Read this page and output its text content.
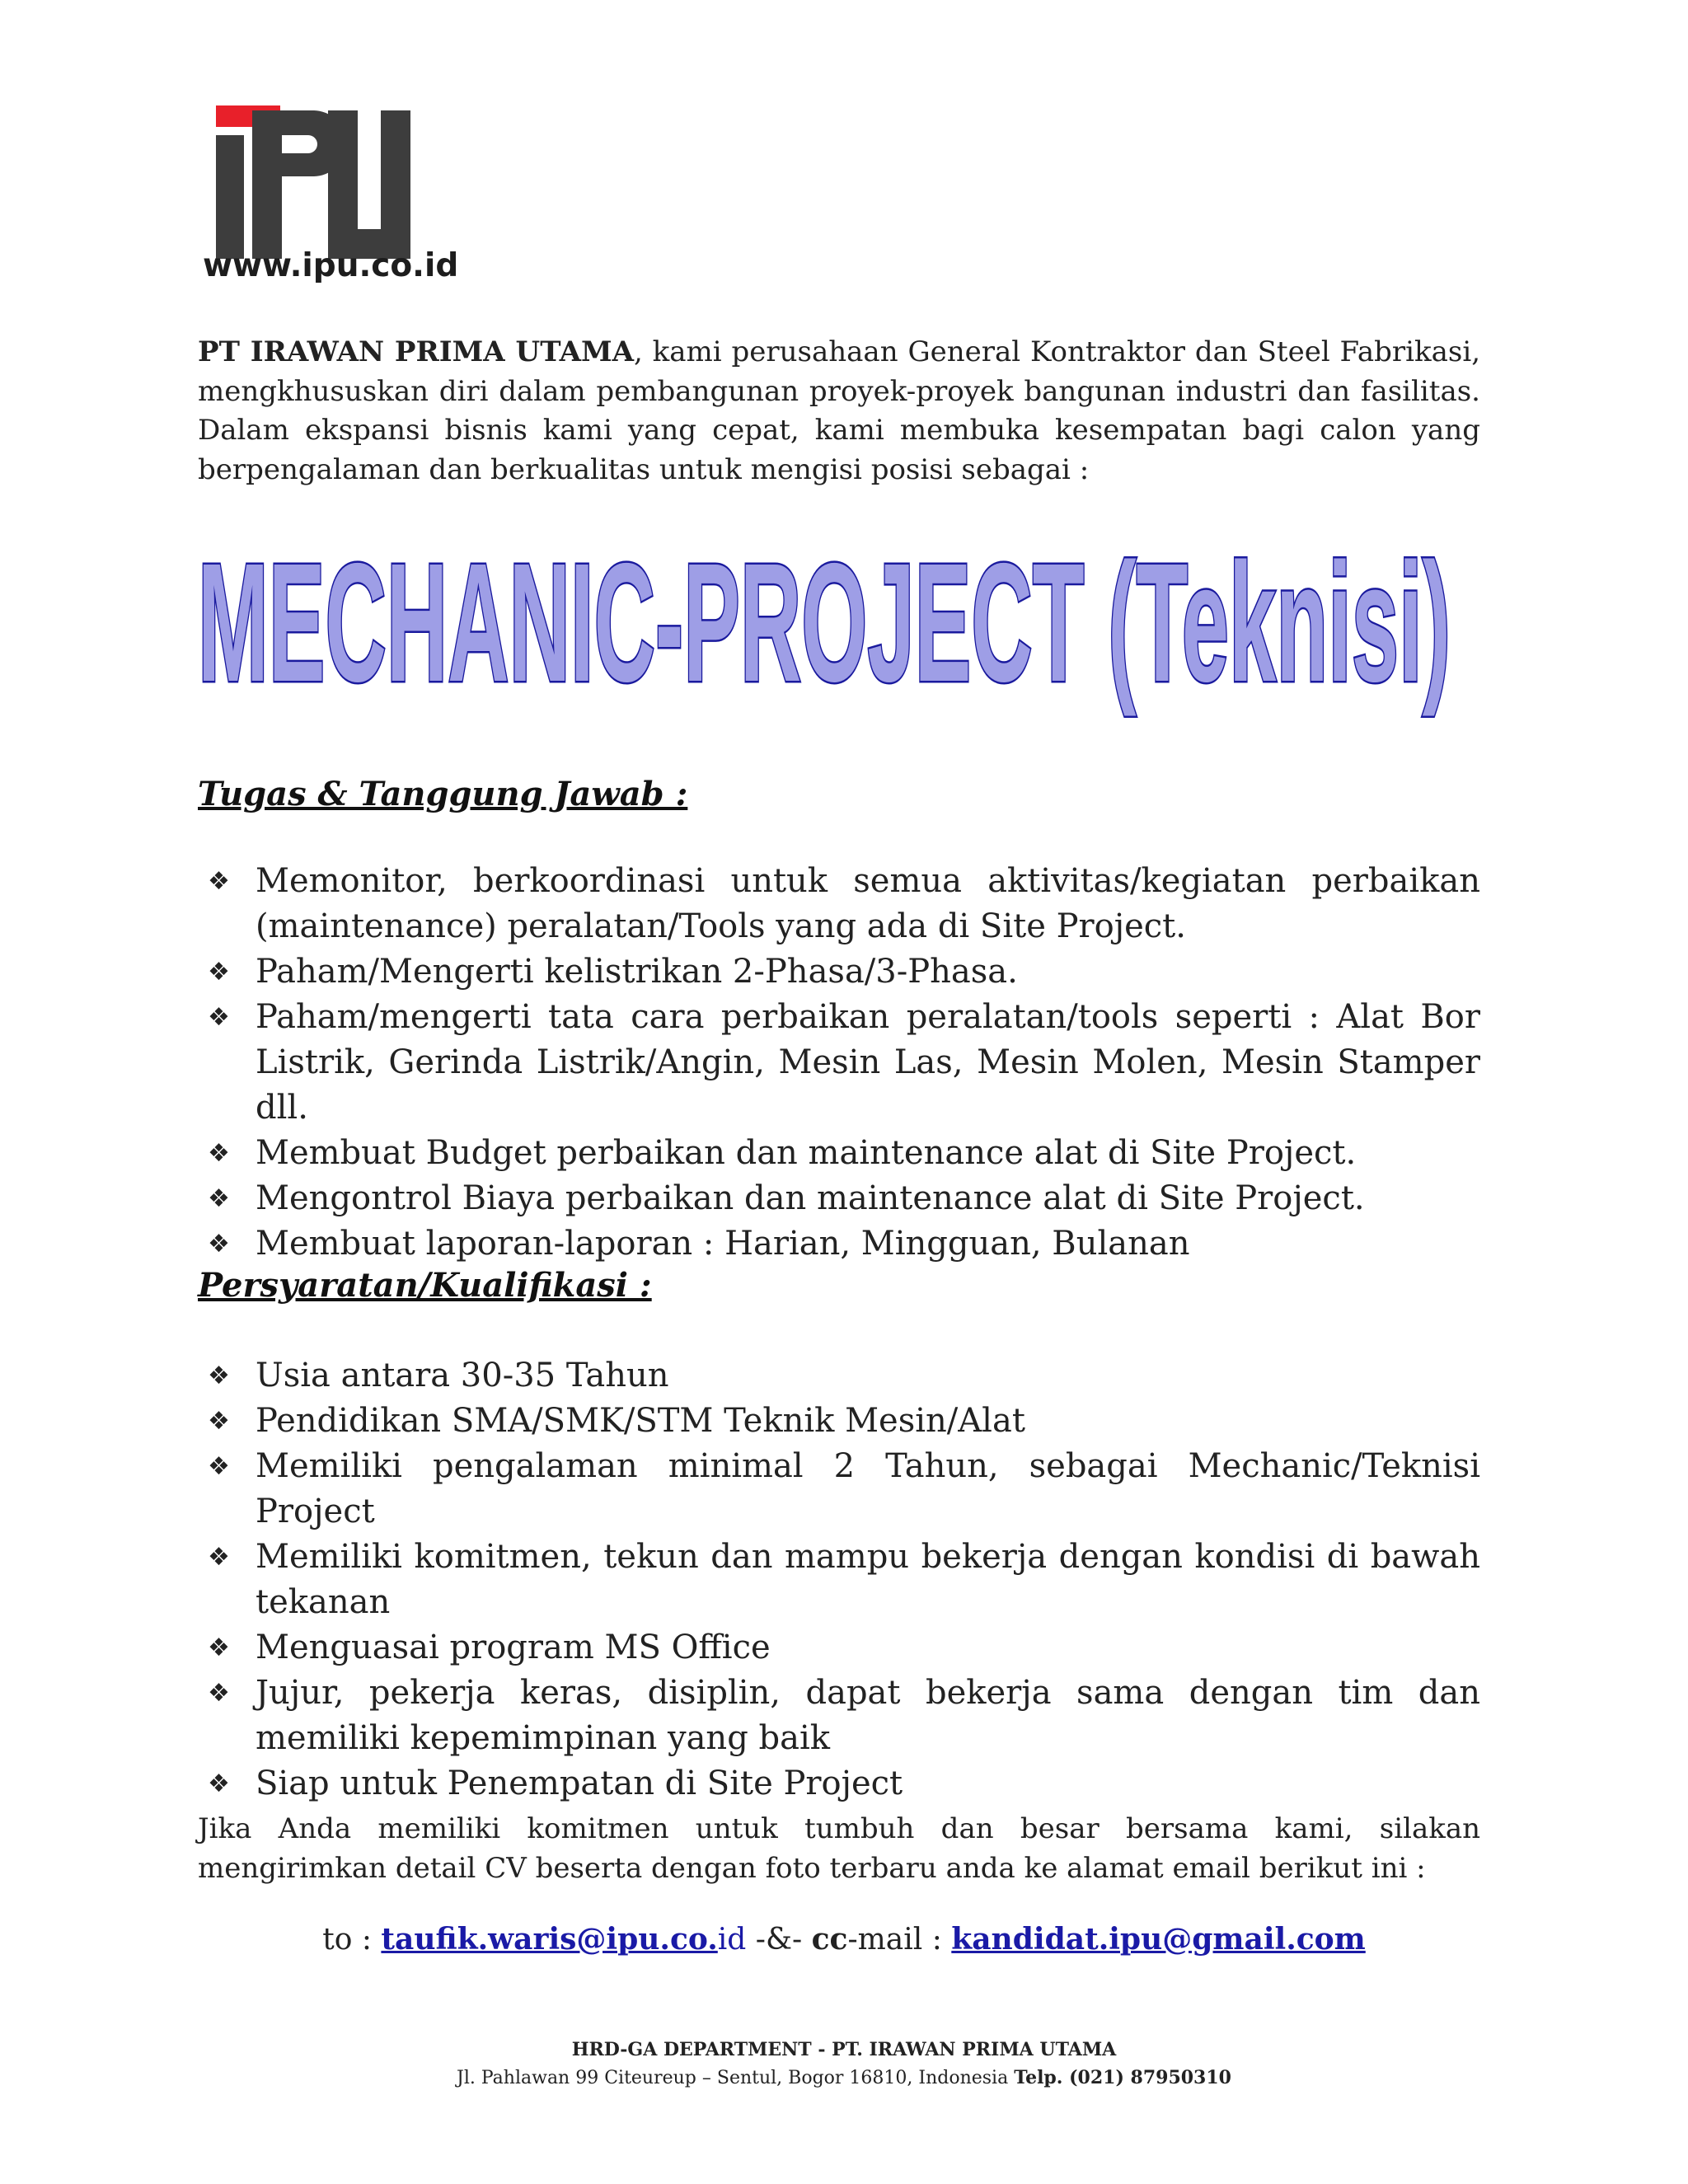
www.ipu.co.id
PT IRAWAN PRIMA UTAMA, kami perusahaan General Kontraktor dan Steel Fabrikasi, mengkhususkan diri dalam pembangunan proyek-proyek bangunan industri dan fasilitas. Dalam ekspansi bisnis kami yang cepat, kami membuka kesempatan bagi calon yang berpengalaman dan berkualitas untuk mengisi posisi sebagai :
MECHANIC-PROJECT (Teknisi)
Tugas & Tanggung Jawab :
❖ Memonitor, berkoordinasi untuk semua aktivitas/kegiatan perbaikan (maintenance) peralatan/Tools yang ada di Site Project.
❖ Paham/Mengerti kelistrikan 2-Phasa/3-Phasa.
❖ Paham/mengerti tata cara perbaikan peralatan/tools seperti : Alat Bor Listrik, Gerinda Listrik/Angin, Mesin Las, Mesin Molen, Mesin Stamper dll.
❖ Membuat Budget perbaikan dan maintenance alat di Site Project.
❖ Mengontrol Biaya perbaikan dan maintenance alat di Site Project.
❖ Membuat laporan-laporan : Harian, Mingguan, Bulanan
Persyaratan/Kualifikasi :
❖ Usia antara 30-35 Tahun
❖ Pendidikan SMA/SMK/STM Teknik Mesin/Alat
❖ Memiliki pengalaman minimal 2 Tahun, sebagai Mechanic/Teknisi Project
❖ Memiliki komitmen, tekun dan mampu bekerja dengan kondisi di bawah tekanan
❖ Menguasai program MS Office
❖ Jujur, pekerja keras, disiplin, dapat bekerja sama dengan tim dan memiliki kepemimpinan yang baik
❖ Siap untuk Penempatan di Site Project
Jika Anda memiliki komitmen untuk tumbuh dan besar bersama kami, silakan mengirimkan detail CV beserta dengan foto terbaru anda ke alamat email berikut ini :
to : taufik.waris@ipu.co.id -&- cc-mail : kandidat.ipu@gmail.com
HRD-GA DEPARTMENT - PT. IRAWAN PRIMA UTAMA
Jl. Pahlawan 99 Citeureup – Sentul, Bogor 16810, Indonesia Telp. (021) 87950310
